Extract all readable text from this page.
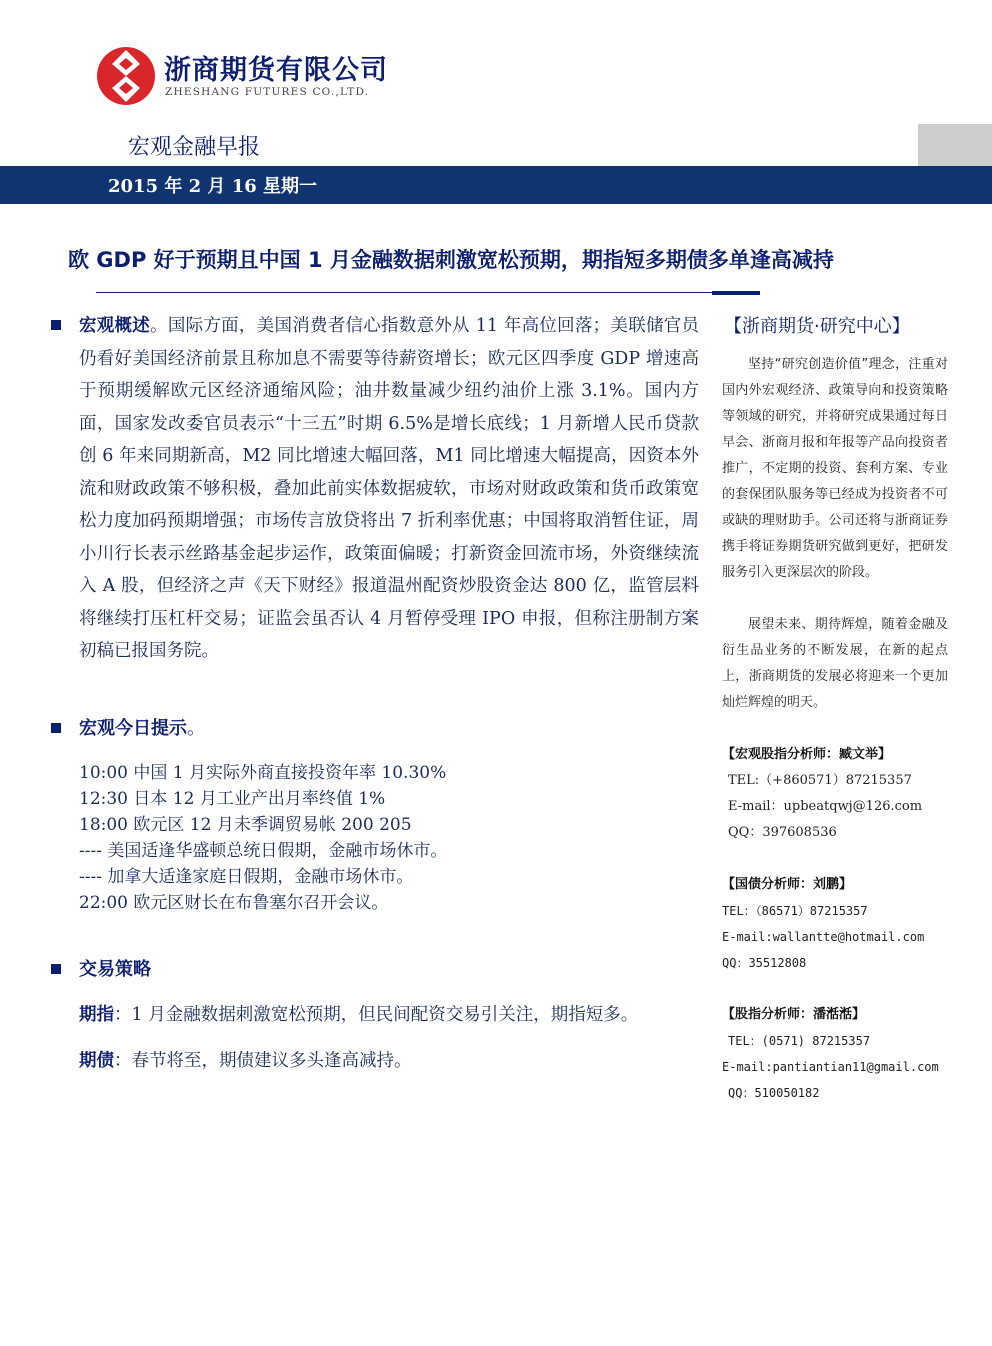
浙商期货有限公司
ZHESHANG FUTURES CO.,LTD.
宏观金融早报
2015 年 2 月 16 星期一
欧 GDP 好于预期且中国 1 月金融数据刺激宽松预期，期指短多期债多单逢高减持
宏观概述。国际方面，美国消费者信心指数意外从 11 年高位回落；美联储官员仍看好美国经济前景且称加息不需要等待薪资增长；欧元区四季度 GDP 增速高于预期缓解欧元区经济通缩风险；油井数量减少纽约油价上涨 3.1%。国内方面，国家发改委官员表示“十三五”时期 6.5%是增长底线；1 月新增人民币贷款创 6 年来同期新高，M2 同比增速大幅回落，M1 同比增速大幅提高，因资本外流和财政政策不够积极，叠加此前实体数据疲软，市场对财政政策和货币政策宽松力度加码预期增强；市场传言放贷将出 7 折利率优惠；中国将取消暂住证，周小川行长表示丝路基金起步运作，政策面偏暖；打新资金回流市场，外资继续流入 A 股，但经济之声《天下财经》报道温州配资炒股资金达 800 亿，监管层料将继续打压杠杆交易；证监会虽否认 4 月暂停受理 IPO 申报，但称注册制方案初稿已报国务院。
宏观今日提示。
10:00 中国 1 月实际外商直接投资年率 10.30%
12:30 日本 12 月工业产出月率终值 1%
18:00 欧元区 12 月未季调贸易帐 200 205
---- 美国适逢华盛顿总统日假期，金融市场休市。
---- 加拿大适逢家庭日假期，金融市场休市。
22:00 欧元区财长在布鲁塞尔召开会议。
交易策略
期指：1 月金融数据刺激宽松预期，但民间配资交易引关注，期指短多。
期债：春节将至，期债建议多头逢高减持。
【浙商期货·研究中心】
坚持“研究创造价值”理念，注重对国内外宏观经济、政策导向和投资策略等领域的研究，并将研究成果通过每日早会、浙商月报和年报等产品向投资者推广，不定期的投资、套利方案、专业的套保团队服务等已经成为投资者不可或缺的理财助手。公司还将与浙商证券携手将证券期货研究做到更好，把研发服务引入更深层次的阶段。
展望未来、期待辉煌，随着金融及衍生品业务的不断发展，在新的起点上，浙商期货的发展必将迎来一个更加灿烂辉煌的明天。
【宏观股指分析师：臧文举】
TEL:（+860571）87215357
E-mail：upbeatqwj@126.com
QQ：397608536
【国债分析师：刘鹏】
TEL：（86571）87215357
E-mail:wallantte@hotmail.com
QQ：35512808
【股指分析师：潘湉湉】
TEL：(0571) 87215357
E-mail:pantiantian11@gmail.com
QQ：510050182
